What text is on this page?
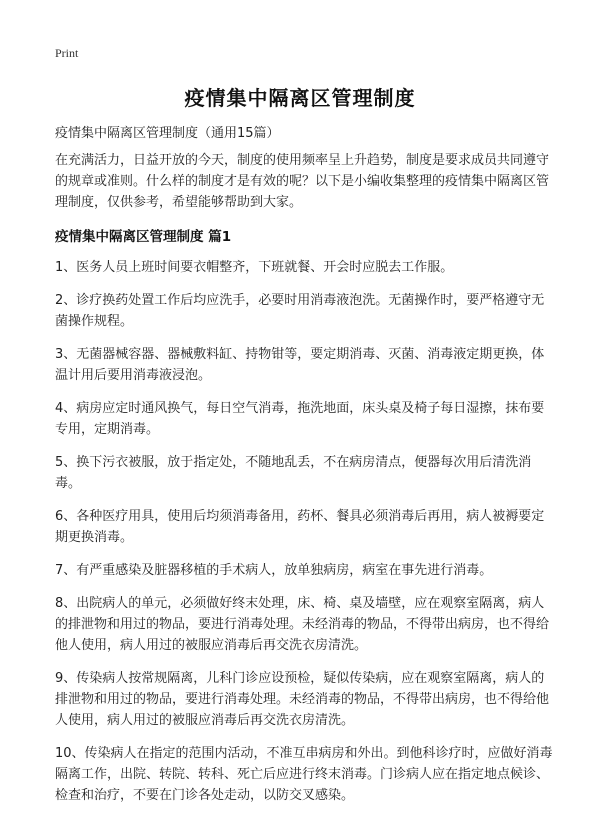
Print
疫情集中隔离区管理制度
疫情集中隔离区管理制度（通用15篇）

在充满活力，日益开放的今天，制度的使用频率呈上升趋势，制度是要求成员共同遵守的规章或准则。什么样的制度才是有效的呢？以下是小编收集整理的疫情集中隔离区管理制度，仅供参考，希望能够帮助到大家。

疫情集中隔离区管理制度 篇1

1、医务人员上班时间要衣帽整齐，下班就餐、开会时应脱去工作服。

2、诊疗换药处置工作后均应洗手，必要时用消毒液泡洗。无菌操作时，要严格遵守无菌操作规程。

3、无菌器械容器、器械敷料缸、持物钳等，要定期消毒、灭菌、消毒液定期更换，体温计用后要用消毒液浸泡。

4、病房应定时通风换气，每日空气消毒，拖洗地面，床头桌及椅子每日湿擦，抹布要专用，定期消毒。

5、换下污衣被服，放于指定处，不随地乱丢，不在病房清点，便器每次用后清洗消毒。

6、各种医疗用具，使用后均须消毒备用，药杯、餐具必须消毒后再用，病人被褥要定期更换消毒。

7、有严重感染及脏器移植的手术病人，放单独病房，病室在事先进行消毒。

8、出院病人的单元，必须做好终末处理，床、椅、桌及墙壁，应在观察室隔离，病人的排泄物和用过的物品，要进行消毒处理。未经消毒的物品，不得带出病房，也不得给他人使用，病人用过的被服应消毒后再交洗衣房清洗。

9、传染病人按常规隔离，儿科门诊应设预检，疑似传染病，应在观察室隔离，病人的排泄物和用过的物品，要进行消毒处理。未经消毒的物品，不得带出病房，也不得给他人使用，病人用过的被服应消毒后再交洗衣房清洗。

10、传染病人在指定的范围内活动，不准互串病房和外出。到他科诊疗时，应做好消毒隔离工作，出院、转院、转科、死亡后应进行终末消毒。门诊病人应在指定地点候诊、检查和治疗，不要在门诊各处走动，以防交叉感染。
